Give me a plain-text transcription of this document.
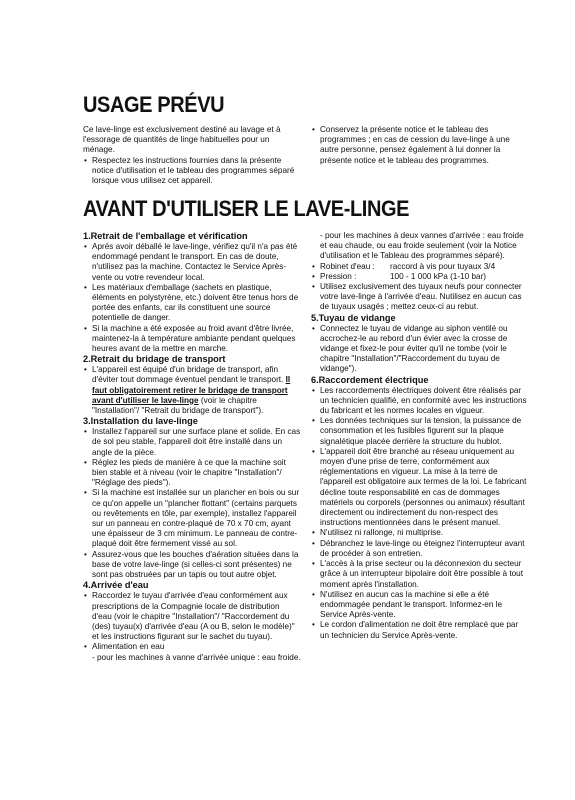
USAGE PRÉVU

Ce lave-linge est exclusivement destiné au lavage et à l'essorage de quantités de linge habituelles pour un ménage.

• Respectez les instructions fournies dans la présente notice d'utilisation et le tableau des programmes séparé lorsque vous utilisez cet appareil.
• Conservez la présente notice et le tableau des programmes ; en cas de cession du lave-linge à une autre personne, pensez également à lui donner la présente notice et le tableau des programmes.
AVANT D'UTILISER LE LAVE-LINGE

1.Retrait de l'emballage et vérification

• Après avoir déballé le lave-linge, vérifiez qu'il n'a pas été endommagé pendant le transport. En cas de doute, n'utilisez pas la machine. Contactez le Service Après-vente ou votre revendeur local.
• Les matériaux d'emballage (sachets en plastique, éléments en polystyrène, etc.) doivent être tenus hors de portée des enfants, car ils constituent une source potentielle de danger.
• Si la machine a été exposée au froid avant d'être livrée, maintenez-la à température ambiante pendant quelques heures avant de la mettre en marche.

2.Retrait du bridage de transport

• L'appareil est équipé d'un bridage de transport, afin d'éviter tout dommage éventuel pendant le transport. Il faut obligatoirement retirer le bridage de transport avant d'utiliser le lave-linge (voir le chapitre "Installation"/ "Retrait du bridage de transport").

3.Installation du lave-linge

• Installez l'appareil sur une surface plane et solide. En cas de sol peu stable, l'appareil doit être installé dans un angle de la pièce.
• Réglez les pieds de manière à ce que la machine soit bien stable et à niveau (voir le chapitre "Installation"/ "Réglage des pieds").
• Si la machine est installée sur un plancher en bois ou sur ce qu'on appelle un "plancher flottant" (certains parquets ou revêtements en tôle, par exemple), installez l'appareil sur un panneau en contre-plaqué de 70 x 70 cm, ayant une épaisseur de 3 cm minimum. Le panneau de contre-plaqué doit être fermement vissé au sol.
• Assurez-vous que les bouches d'aération situées dans la base de votre lave-linge (si celles-ci sont présentes) ne sont pas obstruées par un tapis ou tout autre objet.

4.Arrivée d'eau

• Raccordez le tuyau d'arrivée d'eau conformément aux prescriptions de la Compagnie locale de distribution d'eau (voir le chapitre "Installation"/ "Raccordement du (des) tuyau(x) d'arrivée d'eau (A ou B, selon le modèle)" et les instructions figurant sur le sachet du tuyau).
• Alimentation en eau
- pour les machines à vanne d'arrivée unique : eau froide.

- pour les machines à deux vannes d'arrivée : eau froide et eau chaude, ou eau froide seulement (voir la Notice d'utilisation et le Tableau des programmes séparé).

• Robinet d'eau :	raccord à vis pour tuyaux 3/4
• Pression :	100 - 1 000 kPa (1-10 bar)
• Utilisez exclusivement des tuyaux neufs pour connecter votre lave-linge à l'arrivée d'eau. Nutilisez en aucun cas de tuyaux usagés ; mettez ceux-ci au rebut.

5.Tuyau de vidange

• Connectez le tuyau de vidange au siphon ventilé ou accrochez-le au rebord d'un évier avec la crosse de vidange et fixez-le pour éviter qu'il ne tombe (voir le chapitre "Installation"/"Raccordement du tuyau de vidange").

6.Raccordement électrique

• Les raccordements électriques doivent être réalisés par un technicien qualifié, en conformité avec les instructions du fabricant et les normes locales en vigueur.
• Les données techniques sur la tension, la puissance de consommation et les fusibles figurent sur la plaque signalétique placée derrière la structure du hublot.
• L'appareil doit être branché au réseau uniquement au moyen d'une prise de terre, conformément aux réglementations en vigueur. La mise à la terre de l'appareil est obligatoire aux termes de la loi. Le fabricant décline toute responsabilité en cas de dommages matériels ou corporels (personnes ou animaux) résultant directement ou indirectement du non-respect des instructions mentionnées dans le présent manuel.
• N'utilisez ni rallonge, ni multiprise.
• Débranchez le lave-linge ou éteignez l'interrupteur avant de procéder à son entretien.
• L'accès à la prise secteur ou la déconnexion du secteur grâce à un interrupteur bipolaire doit être possible à tout moment après l'installation.
• N'utilisez en aucun cas la machine si elle a été endommagée pendant le transport. Informez-en le Service Après-vente.
• Le cordon d'alimentation ne doit être remplacé que par un technicien du Service Après-vente.
